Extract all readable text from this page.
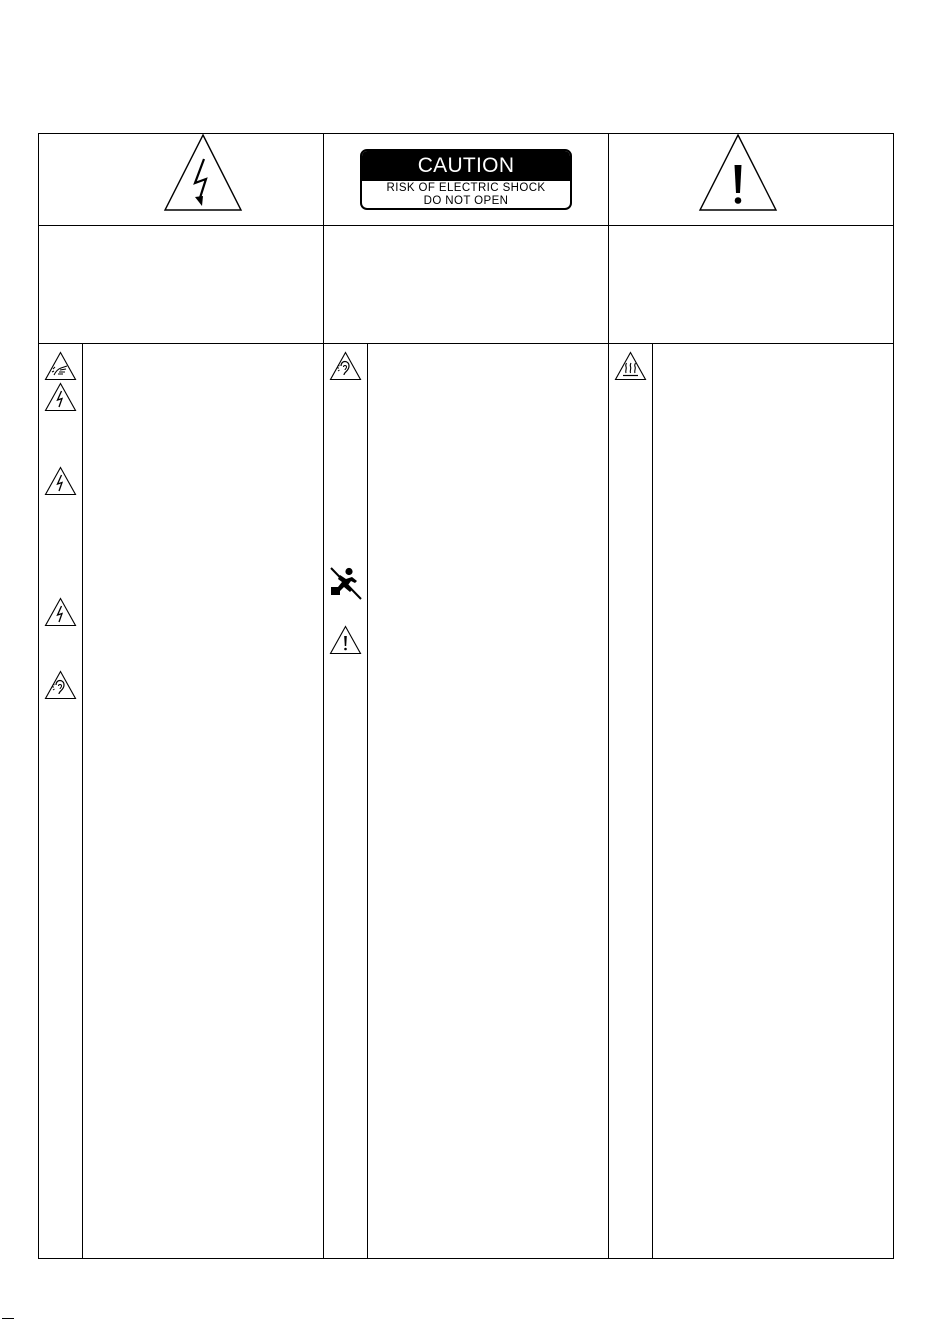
CAUTION
RISK OF ELECTRIC SHOCK
DO NOT OPEN
